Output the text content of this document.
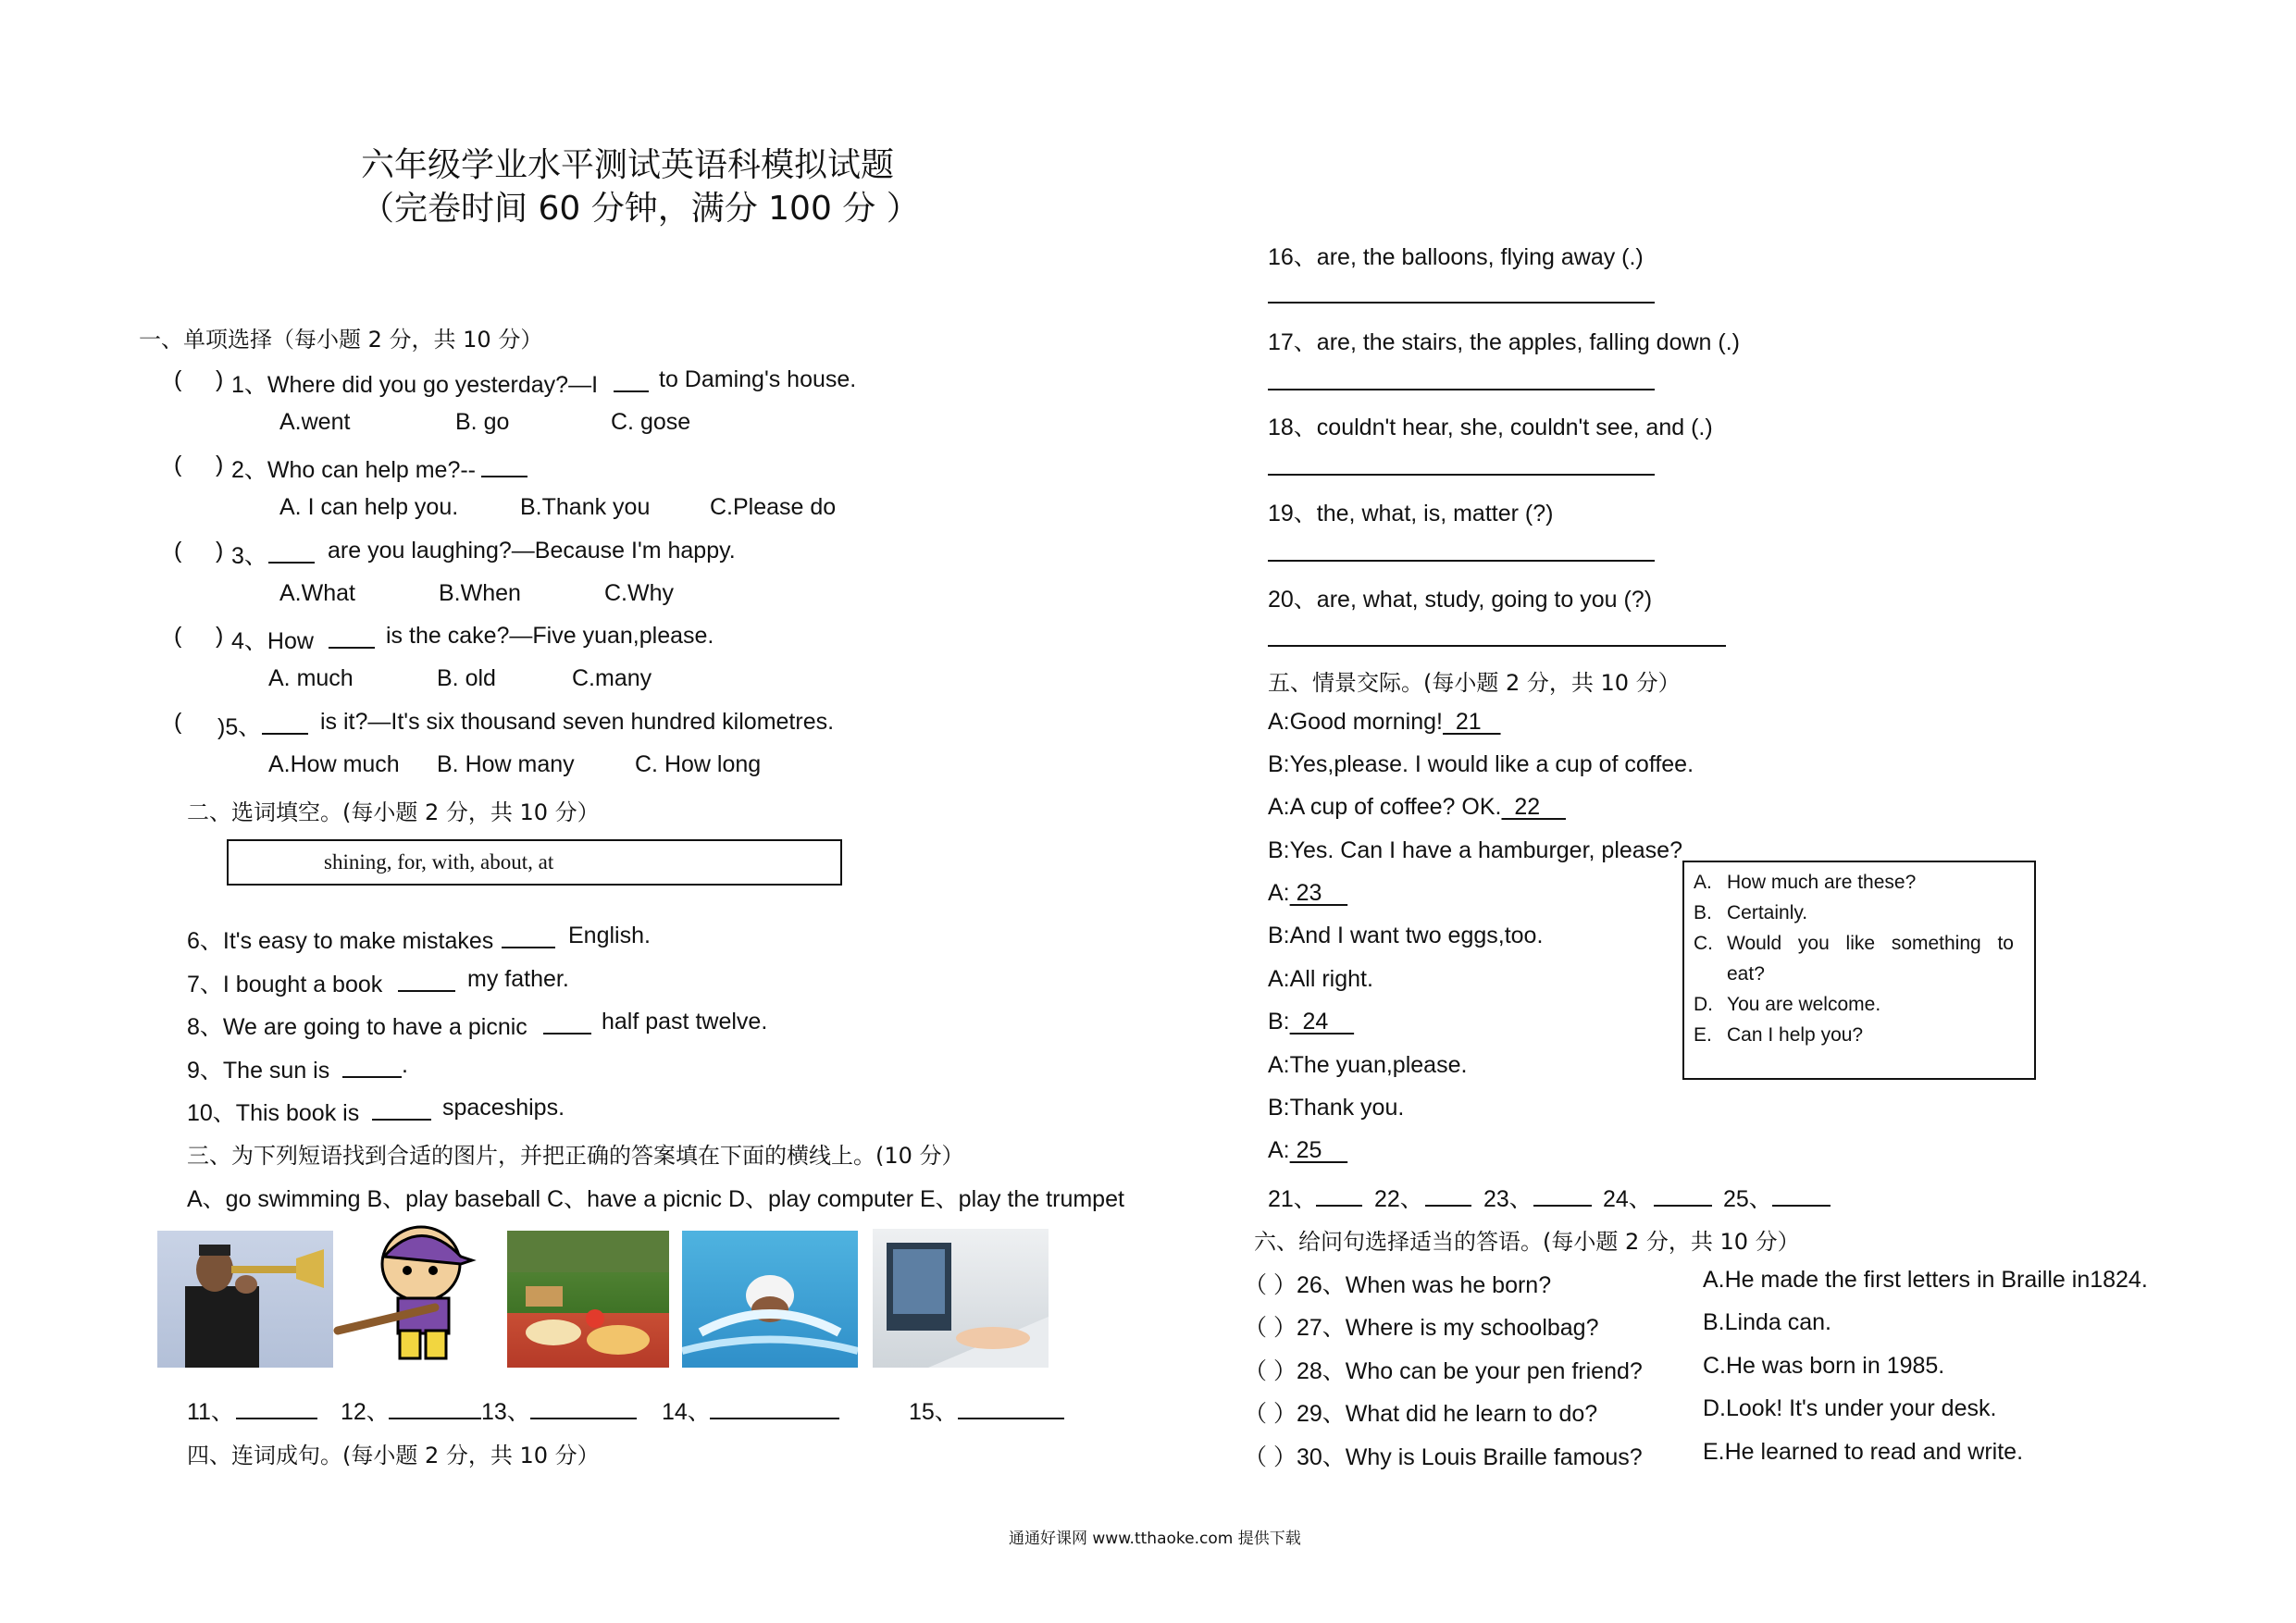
六年级学业水平测试英语科模拟试题
（完卷时间 60 分钟，满分 100 分 ）
一、单项选择（每小题 2 分，共 10 分）
( ) 1、Where did you go yesterday?—I	to Daming's house.
A.went	B. go	C. gose
( ) 2、Who can help me?--
A. I can help you.	B.Thank you	C.Please do
( ) 3、	are you laughing?—Because I'm happy.
A.What	B.When	C.Why
( ) 4、How	is the cake?—Five yuan,please.
A. much	B. old	C.many
( )5、	is it?—It's six thousand seven hundred kilometres.
A.How much B. How many	C. How long
二、选词填空。(每小题 2 分，共 10 分）
shining, for, with, about, at
6、It's easy to make mistakes	English.
7、I bought a book	my father.
8、We are going to have a picnic	half past twelve.
9、The sun is	.
10、This book is	spaceships.
三、为下列短语找到合适的图片，并把正确的答案填在下面的横线上。(10 分）
A、go swimming B、play baseball C、have a picnic D、play computer E、play the trumpet
11、	12、	13、	14、	15、
四、连词成句。(每小题 2 分，共 10 分）
16、are, the balloons, flying away (.)
17、are, the stairs, the apples, falling down (.)
18、couldn't hear, she, couldn't see, and (.)
19、the, what, is, matter (?)
20、are, what, study, going to you (?)
五、情景交际。(每小题 2 分，共 10 分）
A:Good morning!  21
B:Yes,please. I would like a cup of coffee.
A:A cup of coffee? OK.  22
B:Yes. Can I have a hamburger, please?
A: 23
B:And I want two eggs,too.
A:All right.
B:  24
A:The yuan,please.
B:Thank you.
A: 25
A. How much are these?
B. Certainly.
C. Would you like something to eat?
D. You are welcome.
E. Can I help you?
21、 22、	23、	24、	25、
六、给问句选择适当的答语。(每小题 2 分，共 10 分）
（ ）26、When was he born?
（ ）27、Where is my schoolbag?
（ ）28、Who can be your pen friend?
（ ）29、What did he learn to do?
（ ）30、Why is Louis Braille famous?
A.He made the first letters in Braille in1824.
B.Linda can.
C.He was born in 1985.
D.Look! It's under your desk.
E.He learned to read and write.
通通好课网 www.tthaoke.com 提供下载
